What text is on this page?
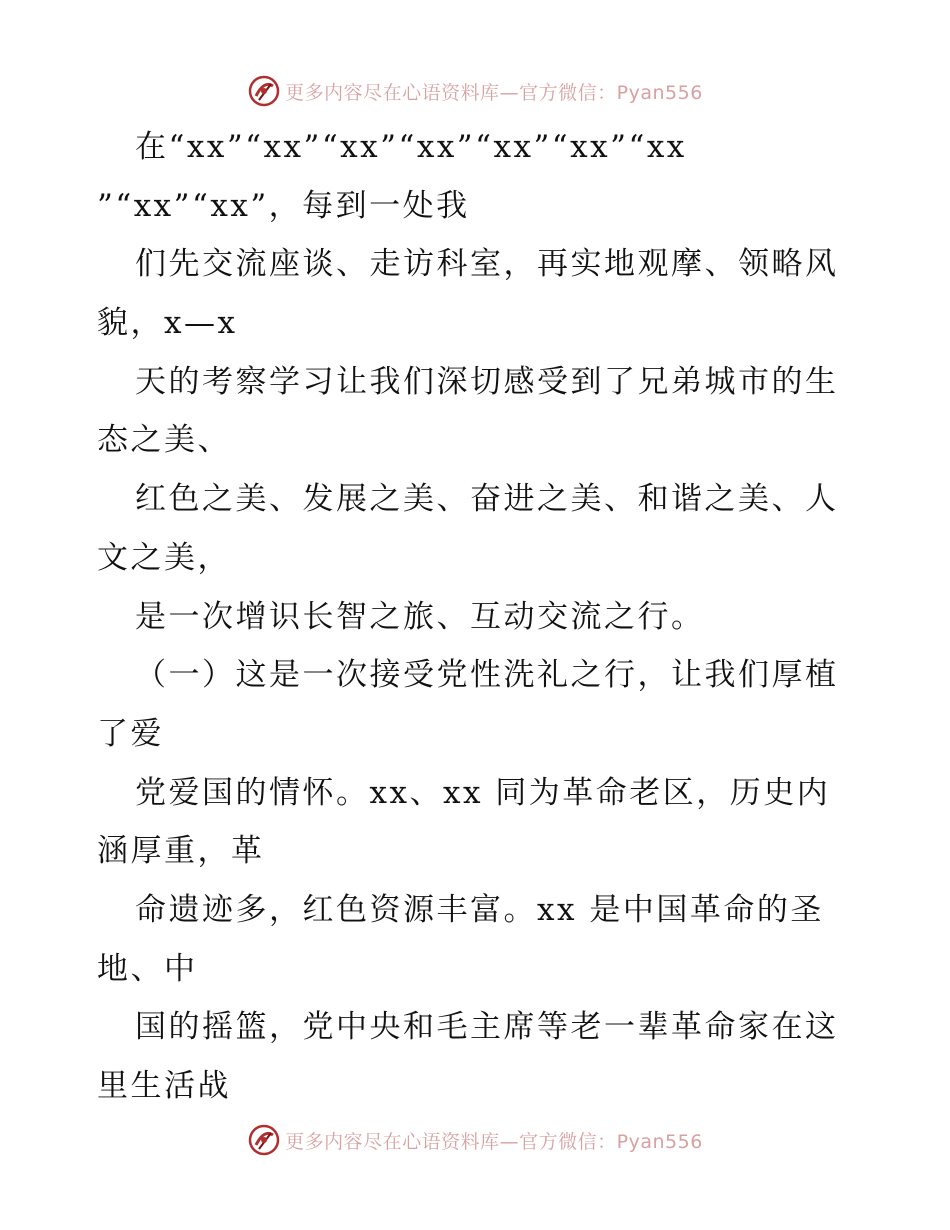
更多内容尽在心语资料库—官方微信：Pyan556
在“xx”“xx”“xx”“xx”“xx”“xx”“xx
”“xx”“xx”，每到一处我
们先交流座谈、走访科室，再实地观摩、领略风
貌，x—x
天的考察学习让我们深切感受到了兄弟城市的生
态之美、
红色之美、发展之美、奋进之美、和谐之美、人
文之美，
是一次增识长智之旅、互动交流之行。
（一）这是一次接受党性洗礼之行，让我们厚植
了爱
党爱国的情怀。xx、xx 同为革命老区，历史内
涵厚重，革
命遗迹多，红色资源丰富。xx 是中国革命的圣
地、中
国的摇篮，党中央和毛主席等老一辈革命家在这
里生活战
更多内容尽在心语资料库—官方微信：Pyan556
